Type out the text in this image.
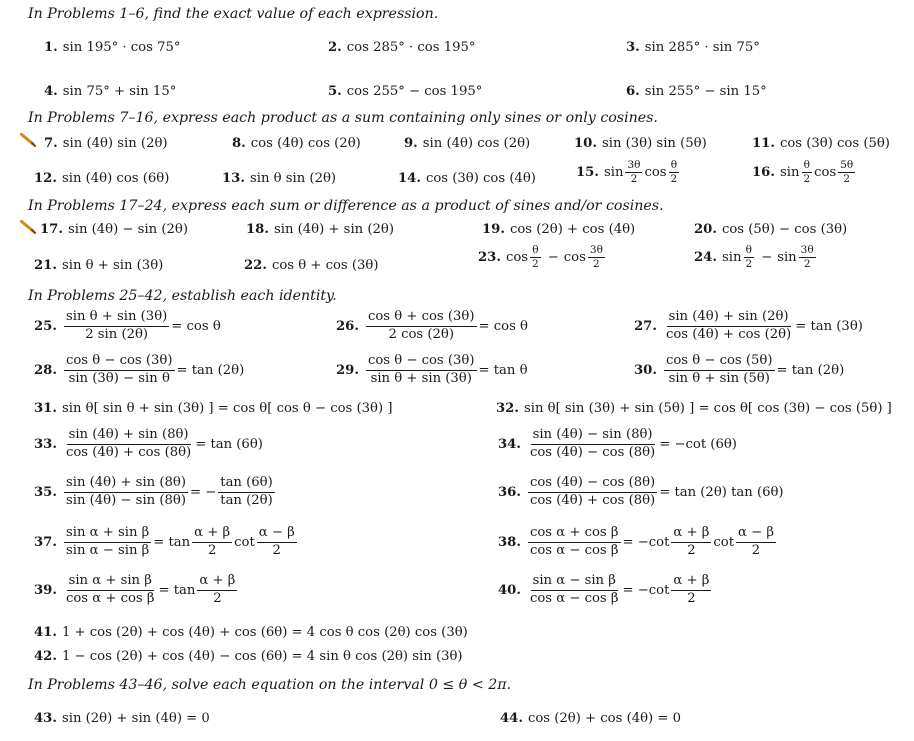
In Problems 1–6, find the exact value of each expression.
In Problems 7–16, express each product as a sum containing only sines or only cosines.
In Problems 17–24, express each sum or difference as a product of sines and/or cosines.
In Problems 25–42, establish each identity.
In Problems 43–46, solve each equation on the interval 0 ≤ θ < 2π.
1. sin 195° · cos 75°	2. cos 285° · cos 195°	3. sin 285° · sin 75°
4. sin 75° + sin 15°	5. cos 255° − cos 195°	6. sin 255° − sin 15°
7. sin (4θ) sin (2θ)	8. cos (4θ) cos (2θ)	9. sin (4θ) cos (2θ)	10. sin (3θ) sin (5θ)	11. cos (3θ) cos (5θ)
12. sin (4θ) cos (6θ)	13. sin θ sin (2θ)	14. cos (3θ) cos (4θ)	15. $\sin \frac{3\theta}{2}$ $\cos \frac{\theta}{2}$	16. $\sin \frac{\theta}{2}$ $\cos \frac{5\theta}{2}$
17. sin (4θ) − sin (2θ)	18. sin (4θ) + sin (2θ)	19. cos (2θ) + cos (4θ)	20. cos (5θ) − cos (3θ)
21. sin θ + sin (3θ)	22. cos θ + cos (3θ)
23. $\cos \frac{\theta}{2} - \cos \frac{3\theta}{2}$	24. $\sin \frac{\theta}{2} - \sin \frac{3\theta}{2}$
25. $\frac{\text{sin θ + sin (3θ)}}{2 \sin (2\theta)} = \cos \theta$	26. $\frac{\text{cos θ + cos (3θ)}}{2 \cos (2\theta)} = \cos \theta$	27. $\frac{\sin (4\theta) + \sin (2\theta)}{\cos (4\theta) + \cos (2\theta)} = \tan (3\theta)$
28. $\frac{\text{cos θ − cos (3θ)}}{\text{sin (3θ) − sin θ}} = \tan (2\theta)$	29. $\frac{\text{cos θ − cos (3θ)}}{\text{sin θ + sin (3θ)}} = \tan \theta$	30. $\frac{\text{cos θ − cos (5θ)}}{\text{sin θ + sin (5θ)}} = \tan (2\theta)$
31. sin θ[ sin θ + sin (3θ) ] = cos θ[ cos θ − cos (3θ) ]	32. sin θ[ sin (3θ) + sin (5θ) ] = cos θ[ cos (3θ) − cos (5θ) ]
33. $\frac{\sin (4\theta) + \sin (8\theta)}{\cos (4\theta) + \cos (8\theta)} = \tan (6\theta)$	34. $\frac{\sin (4\theta) - \sin (8\theta)}{\cos (4\theta) - \cos (8\theta)} = -\cot$ (6θ)
35. $\frac{\sin (4\theta) + \sin (8\theta)}{\sin (4\theta) - \sin (8\theta)}$ = − $\frac{\tan (6\theta)}{\tan (2\theta)}$	36. $\frac{\cos (4\theta) - \cos (8\theta)}{\cos (4\theta) + \cos (8\theta)} = \tan (2\theta)$ tan (6θ)
37. $\frac{\text{sin α + sin β}}{\text{sin α − sin β}} = \tan \frac{\alpha + \beta}{2}$ $\cot \frac{\alpha - \beta}{2}$	38. $\frac{\text{cos α + cos β}}{\text{cos α − cos β}} = -\cot \frac{\alpha + \beta}{2}$ $\cot \frac{\alpha - \beta}{2}$
39. $\frac{\text{sin α + sin β}}{\text{cos α + cos β}} = \tan \frac{\alpha + \beta}{2}$	40. $\frac{\text{sin α − sin β}}{\text{cos α − cos β}} = -\cot \frac{\alpha + \beta}{2}$
41. 1 + cos (2θ) + cos (4θ) + cos (6θ) = 4 cos θ cos (2θ) cos (3θ)
42. 1 − cos (2θ) + cos (4θ) − cos (6θ) = 4 sin θ cos (2θ) sin (3θ)
43. sin (2θ) + sin (4θ) = 0	44. cos (2θ) + cos (4θ) = 0
